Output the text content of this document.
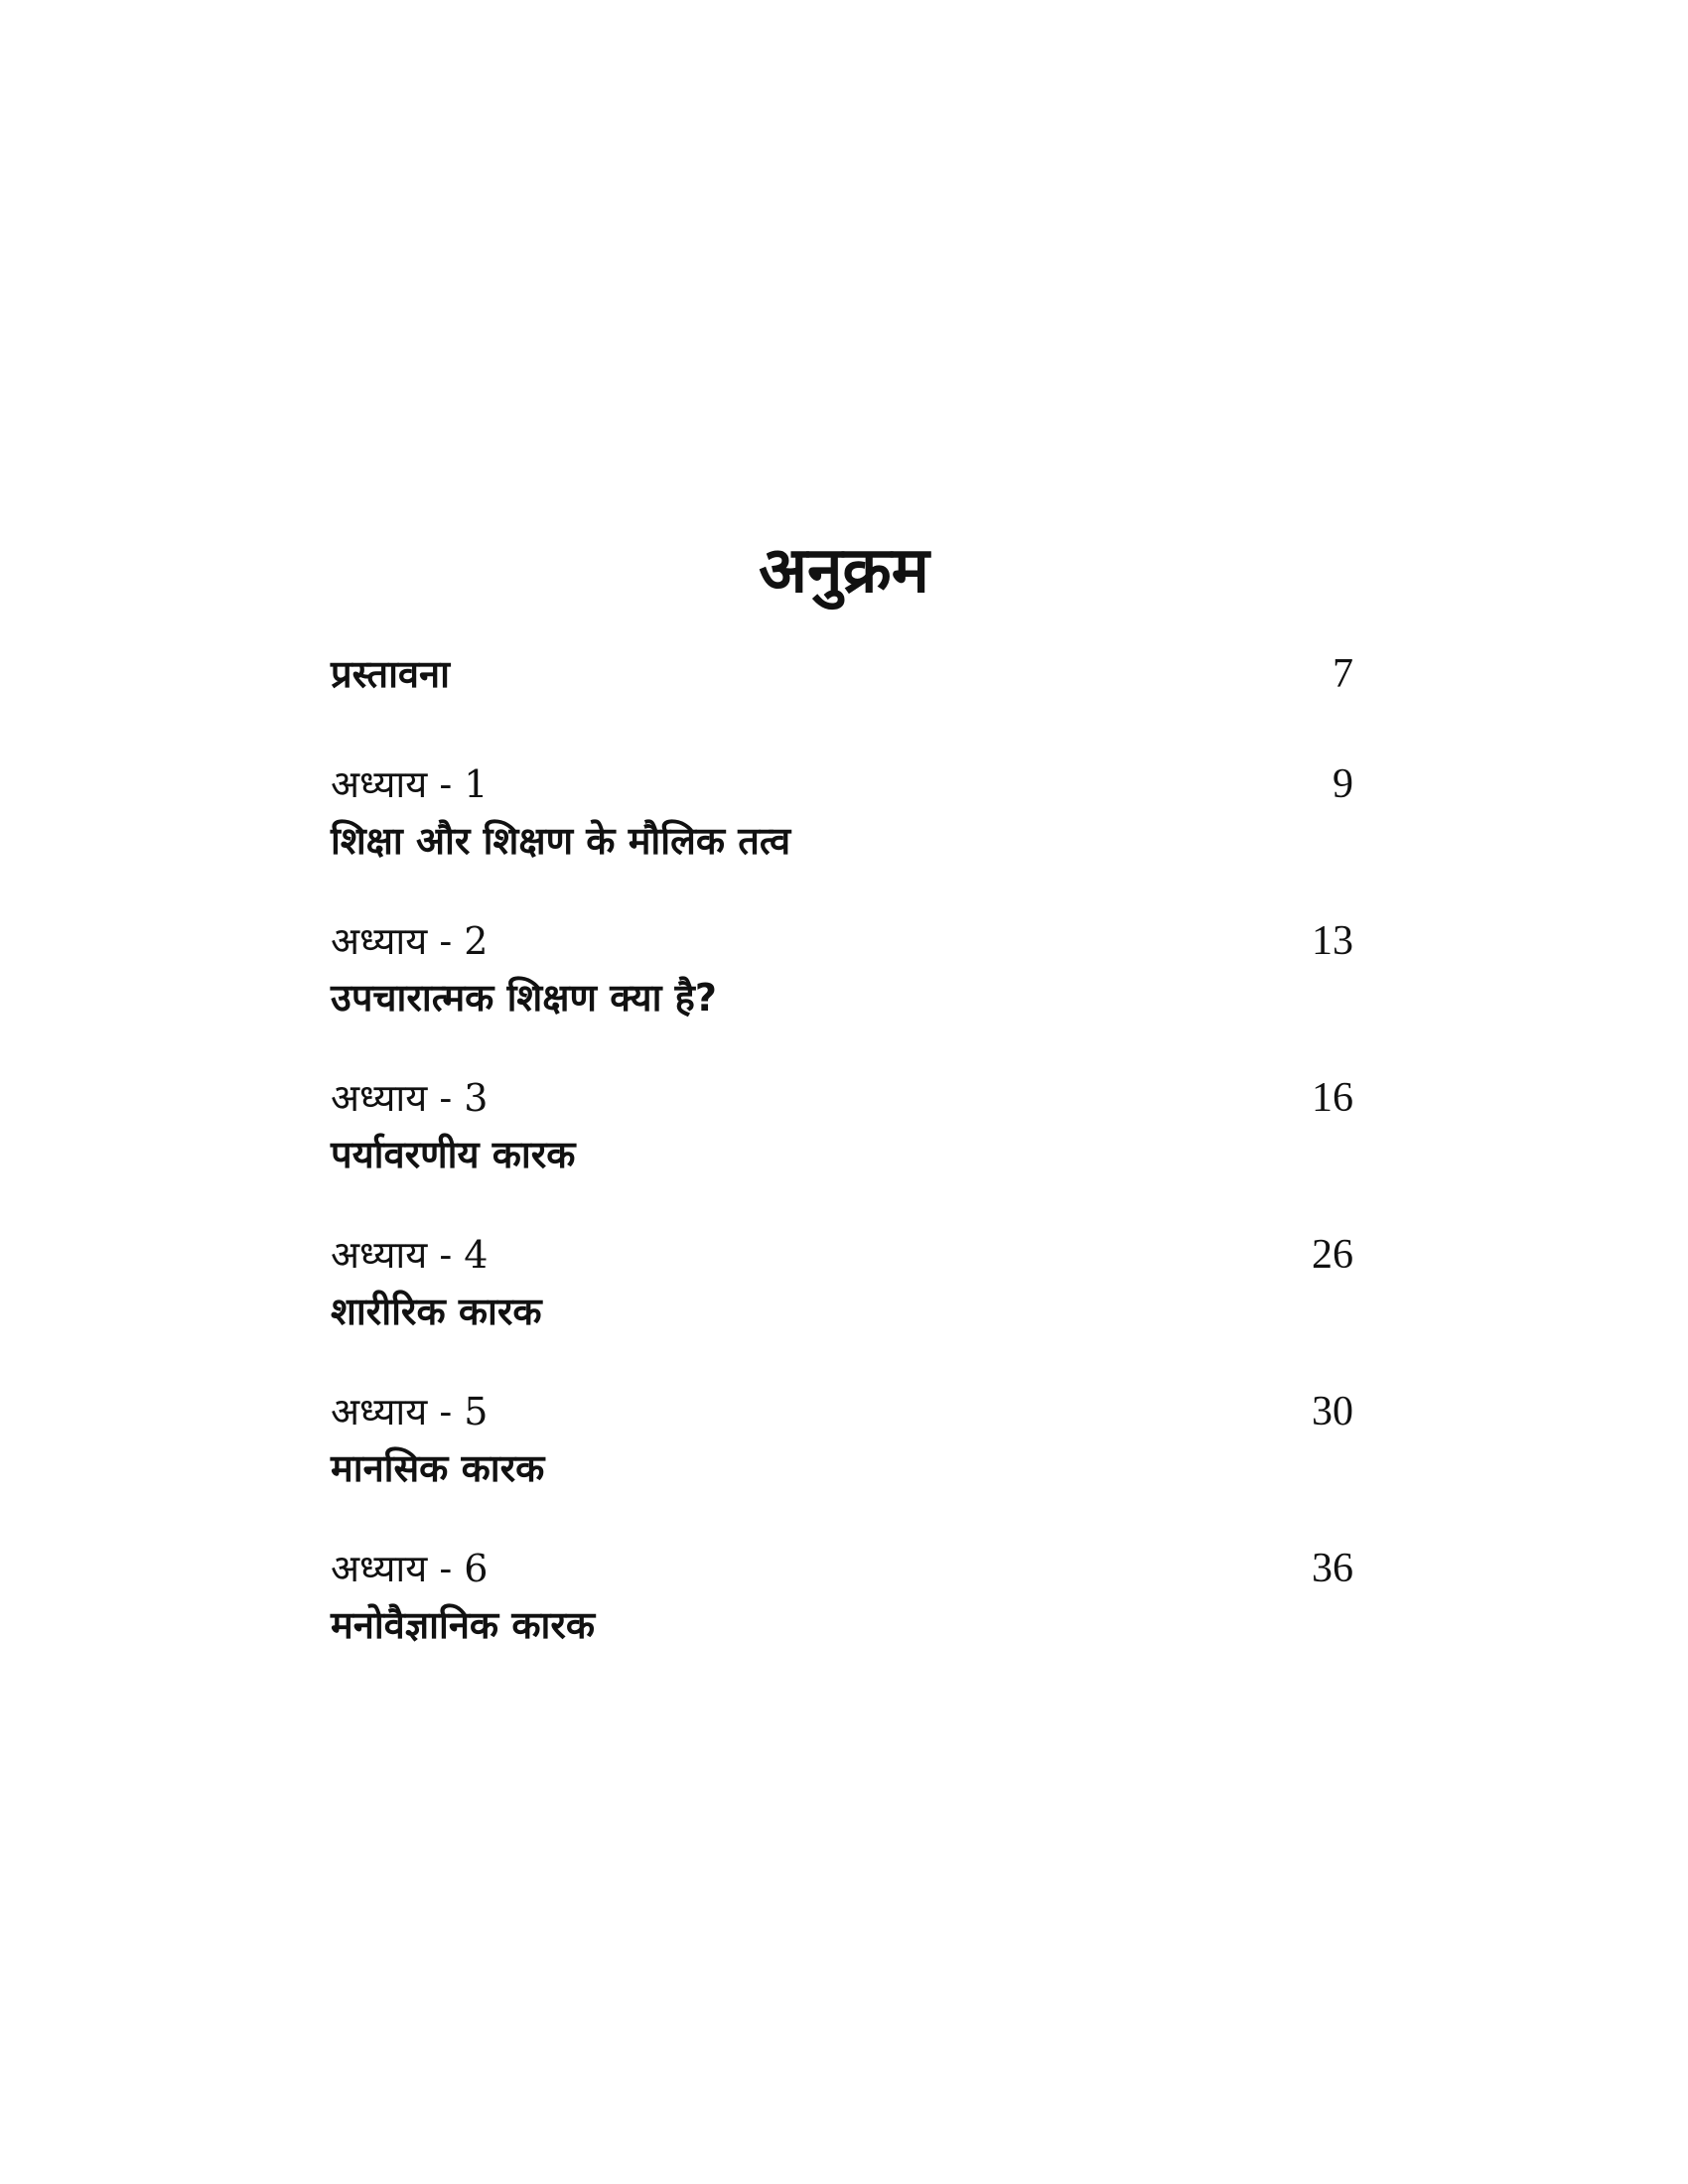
अनुक्रम
प्रस्तावना	7
अध्याय - 1	9
शिक्षा और शिक्षण के मौलिक तत्व
अध्याय - 2	13
उपचारात्मक शिक्षण क्या है?
अध्याय - 3	16
पर्यावरणीय कारक
अध्याय - 4	26
शारीरिक कारक
अध्याय - 5	30
मानसिक कारक
अध्याय - 6	36
मनोवैज्ञानिक कारक
